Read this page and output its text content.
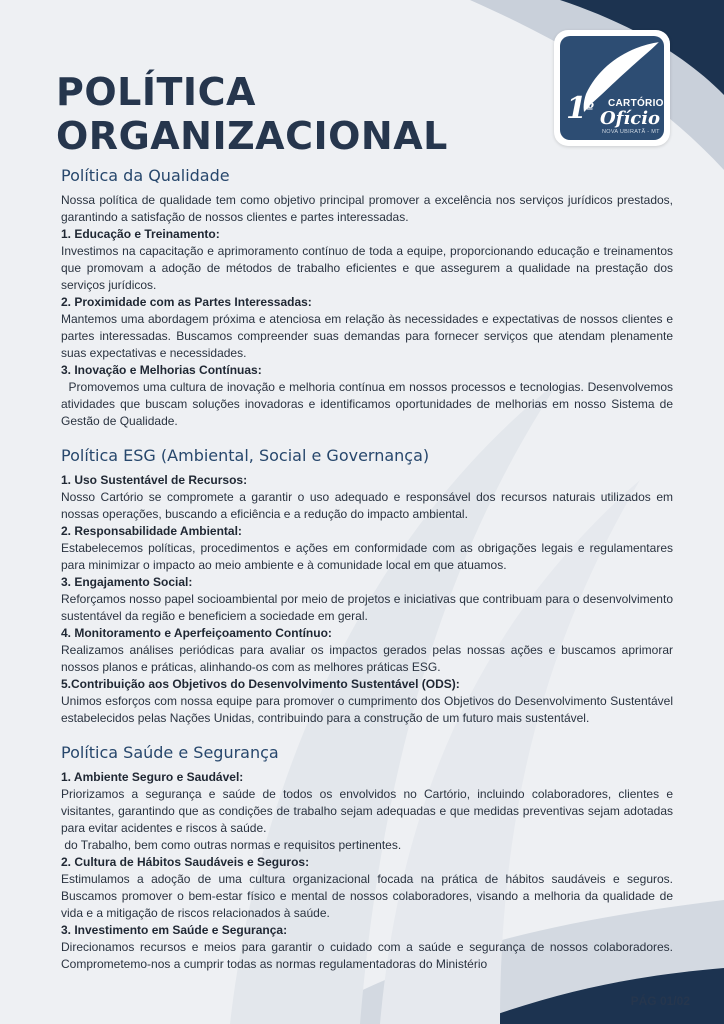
POLÍTICA
ORGANIZACIONAL
$1^º$ CARTÓRIO
Ofício
NOVA UBIRATÃ - MT
Política da Qualidade

Nossa política de qualidade tem como objetivo principal promover a excelência nos serviços jurídicos prestados, garantindo a satisfação de nossos clientes e partes interessadas.

1. Educação e Treinamento:

Investimos na capacitação e aprimoramento contínuo de toda a equipe, proporcionando educação e treinamentos que promovam a adoção de métodos de trabalho eficientes e que assegurem a qualidade na prestação dos serviços jurídicos.

2. Proximidade com as Partes Interessadas:

Mantemos uma abordagem próxima e atenciosa em relação às necessidades e expectativas de nossos clientes e partes interessadas. Buscamos compreender suas demandas para fornecer serviços que atendam plenamente suas expectativas e necessidades.

3. Inovação e Melhorias Contínuas:

Promovemos uma cultura de inovação e melhoria contínua em nossos processos e tecnologias. Desenvolvemos atividades que buscam soluções inovadoras e identificamos oportunidades de melhorias em nosso Sistema de Gestão de Qualidade.

Política ESG (Ambiental, Social e Governança)

1. Uso Sustentável de Recursos:

Nosso Cartório se compromete a garantir o uso adequado e responsável dos recursos naturais utilizados em nossas operações, buscando a eficiência e a redução do impacto ambiental.

2. Responsabilidade Ambiental:

Estabelecemos políticas, procedimentos e ações em conformidade com as obrigações legais e regulamentares para minimizar o impacto ao meio ambiente e à comunidade local em que atuamos.

3. Engajamento Social:

Reforçamos nosso papel socioambiental por meio de projetos e iniciativas que contribuam para o desenvolvimento sustentável da região e beneficiem a sociedade em geral.

4. Monitoramento e Aperfeiçoamento Contínuo:

Realizamos análises periódicas para avaliar os impactos gerados pelas nossas ações e buscamos aprimorar nossos planos e práticas, alinhando-os com as melhores práticas ESG.

5.Contribuição aos Objetivos do Desenvolvimento Sustentável (ODS):

Unimos esforços com nossa equipe para promover o cumprimento dos Objetivos do Desenvolvimento Sustentável estabelecidos pelas Nações Unidas, contribuindo para a construção de um futuro mais sustentável.

Política Saúde e Segurança

1. Ambiente Seguro e Saudável:

Priorizamos a segurança e saúde de todos os envolvidos no Cartório, incluindo colaboradores, clientes e visitantes, garantindo que as condições de trabalho sejam adequadas e que medidas preventivas sejam adotadas para evitar acidentes e riscos à saúde.

do Trabalho, bem como outras normas e requisitos pertinentes.

2. Cultura de Hábitos Saudáveis e Seguros:

Estimulamos a adoção de uma cultura organizacional focada na prática de hábitos saudáveis e seguros. Buscamos promover o bem-estar físico e mental de nossos colaboradores, visando a melhoria da qualidade de vida e a mitigação de riscos relacionados à saúde.

3. Investimento em Saúde e Segurança:

Direcionamos recursos e meios para garantir o cuidado com a saúde e segurança de nossos colaboradores. Comprometemo-nos a cumprir todas as normas regulamentadoras do Ministério

PÁG 01/02
